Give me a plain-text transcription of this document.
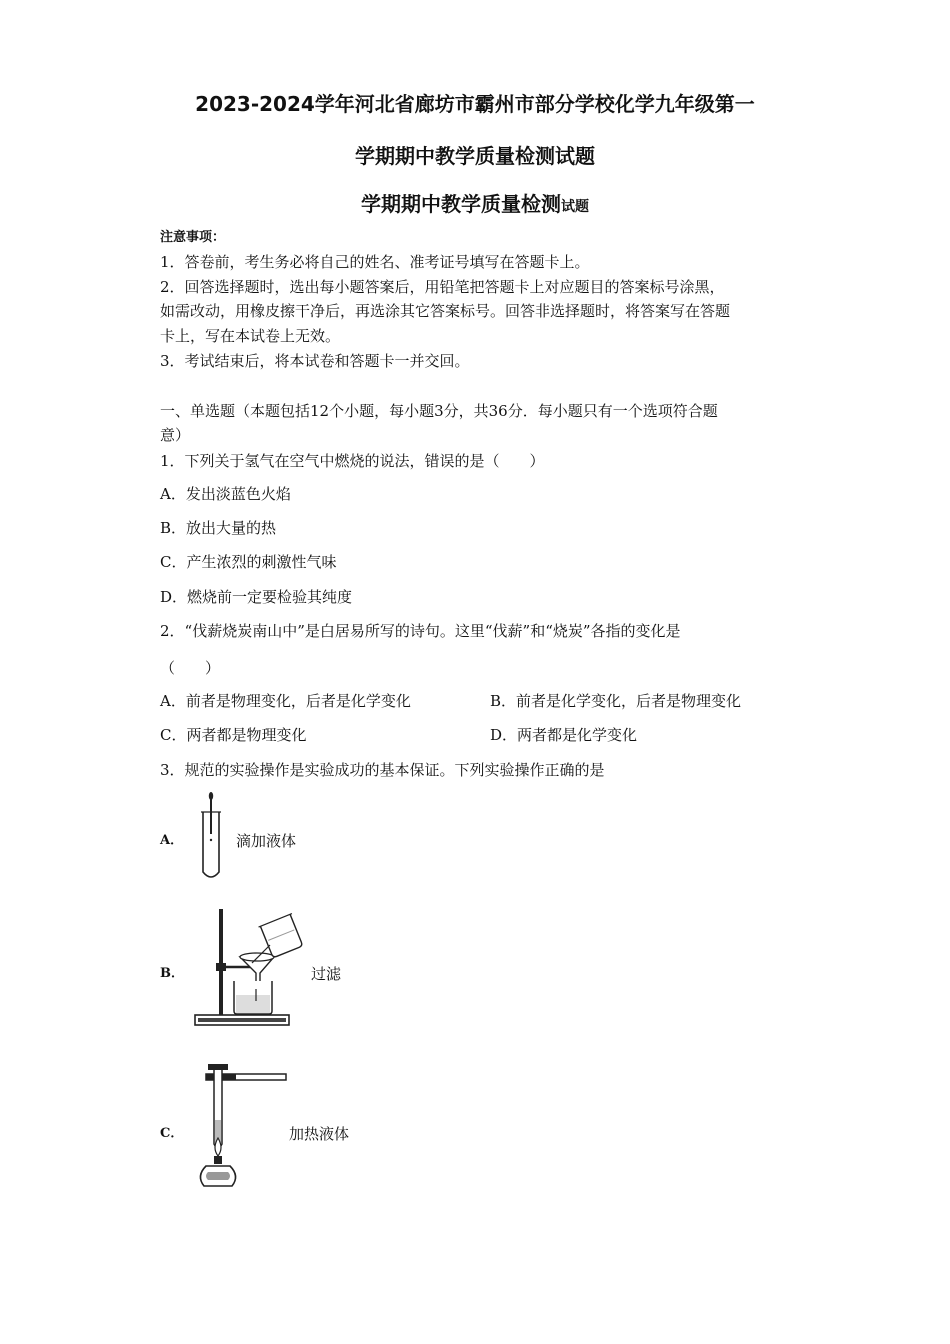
2023-2024学年河北省廊坊市霸州市部分学校化学九年级第一
学期期中教学质量检测试题
学期期中教学质量检测试题
注意事项：
1．答卷前，考生务必将自己的姓名、准考证号填写在答题卡上。
2．回答选择题时，选出每小题答案后，用铅笔把答题卡上对应题目的答案标号涂黑，
如需改动，用橡皮擦干净后，再选涂其它答案标号。回答非选择题时，将答案写在答题
卡上，写在本试卷上无效。
3．考试结束后，将本试卷和答题卡一并交回。
一、单选题（本题包括12个小题，每小题3分，共36分．每小题只有一个选项符合题
意）
1．下列关于氢气在空气中燃烧的说法，错误的是（　　）
A．发出淡蓝色火焰
B．放出大量的热
C．产生浓烈的刺激性气味
D．燃烧前一定要检验其纯度
2．“伐薪烧炭南山中”是白居易所写的诗句。这里“伐薪”和“烧炭”各指的变化是
（　　）
A．前者是物理变化，后者是化学变化	B．前者是化学变化，后者是物理变化
C．两者都是物理变化	D．两者都是化学变化
3．规范的实验操作是实验成功的基本保证。下列实验操作正确的是
A．	滴加液体
B．	过滤
C．	加热液体
